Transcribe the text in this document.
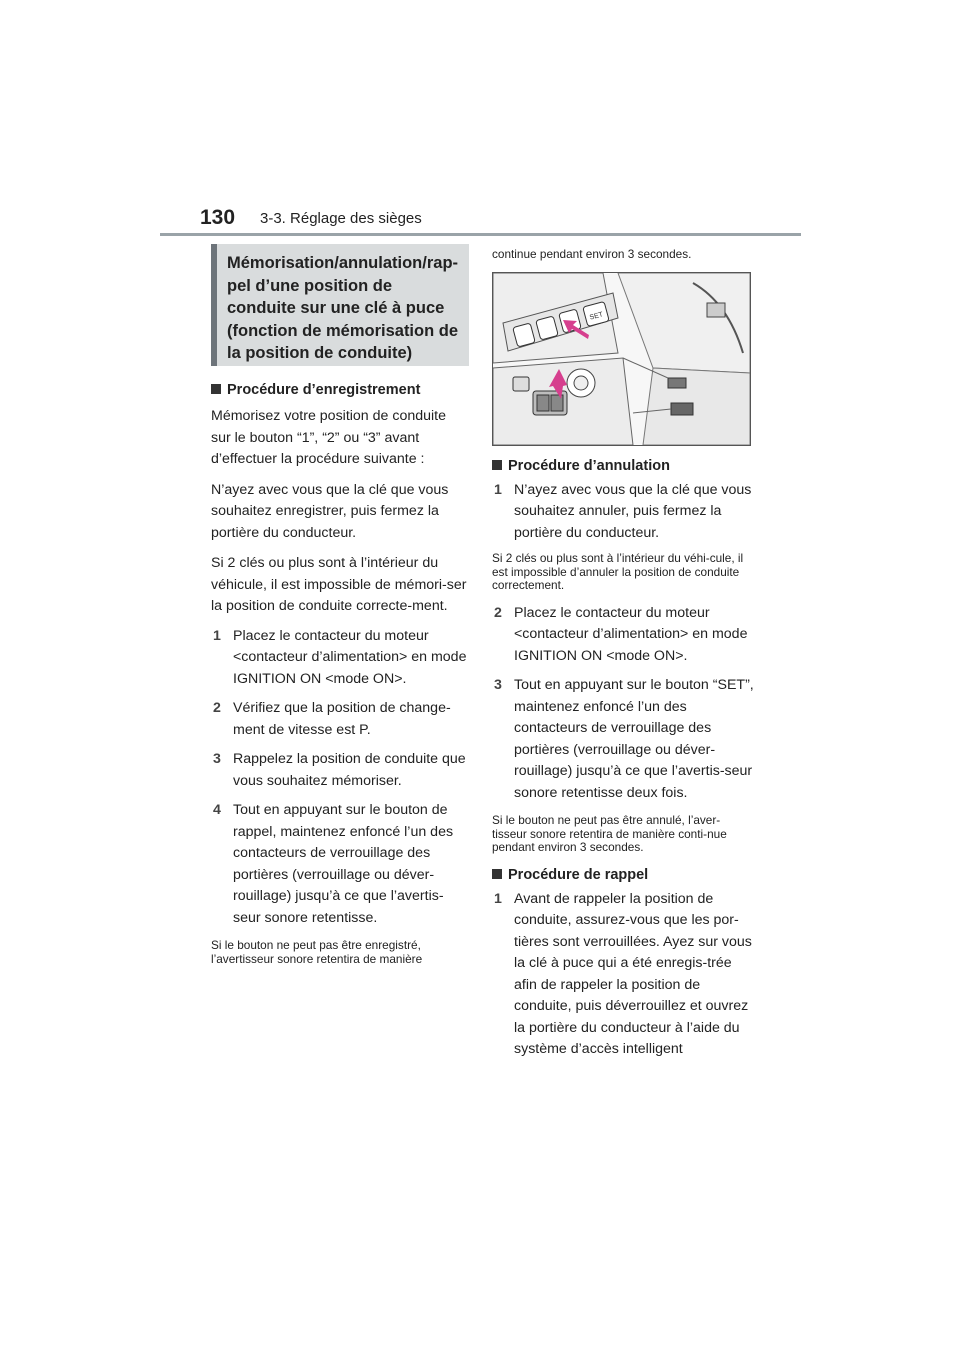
130 3-3. Réglage des sièges
Mémorisation/annulation/rap-pel d’une position de conduite sur une clé à puce (fonction de mémorisation de la position de conduite)
Procédure d’enregistrement

Mémorisez votre position de conduite sur le bouton “1”, “2” ou “3” avant d’effectuer la procédure suivante :

N’ayez avec vous que la clé que vous souhaitez enregistrer, puis fermez la portière du conducteur.

Si 2 clés ou plus sont à l’intérieur du véhicule, il est impossible de mémori-ser la position de conduite correcte-ment.

1 Placez le contacteur du moteur <contacteur d’alimentation> en mode IGNITION ON <mode ON>.
2 Vérifiez que la position de change-ment de vitesse est P.
3 Rappelez la position de conduite que vous souhaitez mémoriser.
4 Tout en appuyant sur le bouton de rappel, maintenez enfoncé l’un des contacteurs de verrouillage des portières (verrouillage ou déver-rouillage) jusqu’à ce que l’avertis-seur sonore retentisse.

Si le bouton ne peut pas être enregistré, l’avertisseur sonore retentira de manière

continue pendant environ 3 secondes.

SET
Procédure d’annulation
1 N’ayez avec vous que la clé que vous souhaitez annuler, puis fermez la portière du conducteur.

Si 2 clés ou plus sont à l’intérieur du véhi-cule, il est impossible d’annuler la position de conduite correctement.

2 Placez le contacteur du moteur <contacteur d’alimentation> en mode IGNITION ON <mode ON>.
3 Tout en appuyant sur le bouton “SET”, maintenez enfoncé l’un des contacteurs de verrouillage des portières (verrouillage ou déver-rouillage) jusqu’à ce que l’avertis-seur sonore retentisse deux fois.

Si le bouton ne peut pas être annulé, l’aver-tisseur sonore retentira de manière conti-nue pendant environ 3 secondes.

Procédure de rappel
1 Avant de rappeler la position de conduite, assurez-vous que les por-tières sont verrouillées. Ayez sur vous la clé à puce qui a été enregis-trée afin de rappeler la position de conduite, puis déverrouillez et ouvrez la portière du conducteur à l’aide du système d’accès intelligent
